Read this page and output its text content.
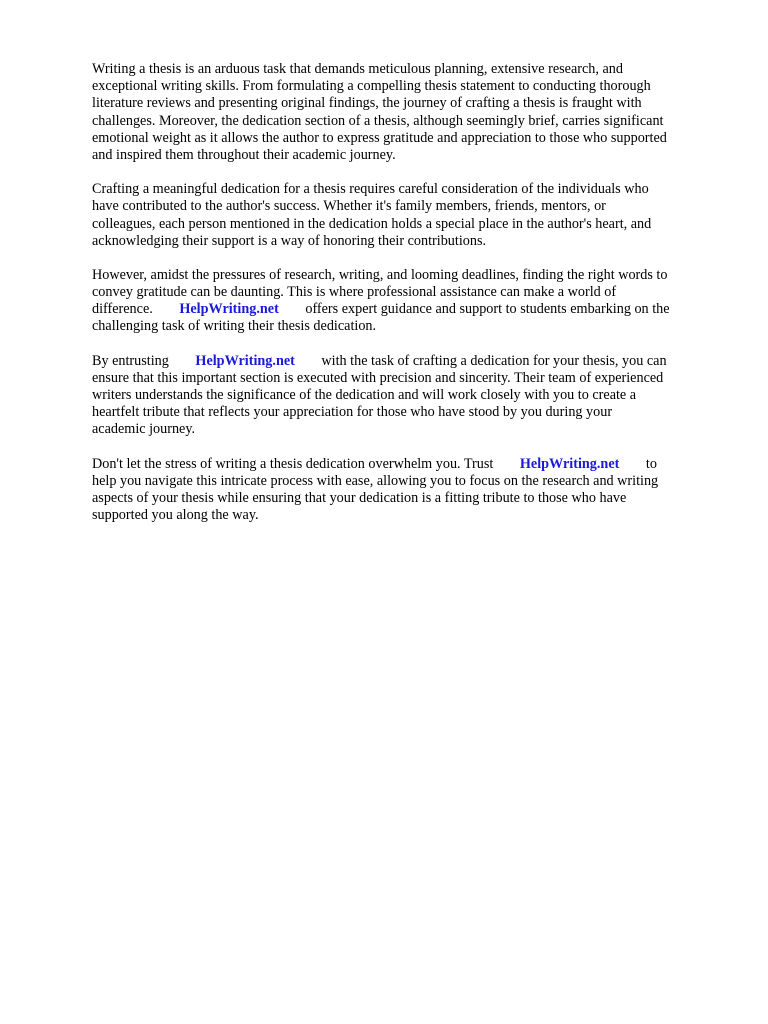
Writing a thesis is an arduous task that demands meticulous planning, extensive research, and
exceptional writing skills. From formulating a compelling thesis statement to conducting thorough
literature reviews and presenting original findings, the journey of crafting a thesis is fraught with
challenges. Moreover, the dedication section of a thesis, although seemingly brief, carries significant
emotional weight as it allows the author to express gratitude and appreciation to those who supported
and inspired them throughout their academic journey.

Crafting a meaningful dedication for a thesis requires careful consideration of the individuals who
have contributed to the author's success. Whether it's family members, friends, mentors, or
colleagues, each person mentioned in the dedication holds a special place in the author's heart, and
acknowledging their support is a way of honoring their contributions.

However, amidst the pressures of research, writing, and looming deadlines, finding the right words to
convey gratitude can be daunting. This is where professional assistance can make a world of
difference. HelpWriting.net offers expert guidance and support to students embarking on the
challenging task of writing their thesis dedication.

By entrusting HelpWriting.net with the task of crafting a dedication for your thesis, you can
ensure that this important section is executed with precision and sincerity. Their team of experienced
writers understands the significance of the dedication and will work closely with you to create a
heartfelt tribute that reflects your appreciation for those who have stood by you during your
academic journey.

Don't let the stress of writing a thesis dedication overwhelm you. Trust HelpWriting.net to
help you navigate this intricate process with ease, allowing you to focus on the research and writing
aspects of your thesis while ensuring that your dedication is a fitting tribute to those who have
supported you along the way.
